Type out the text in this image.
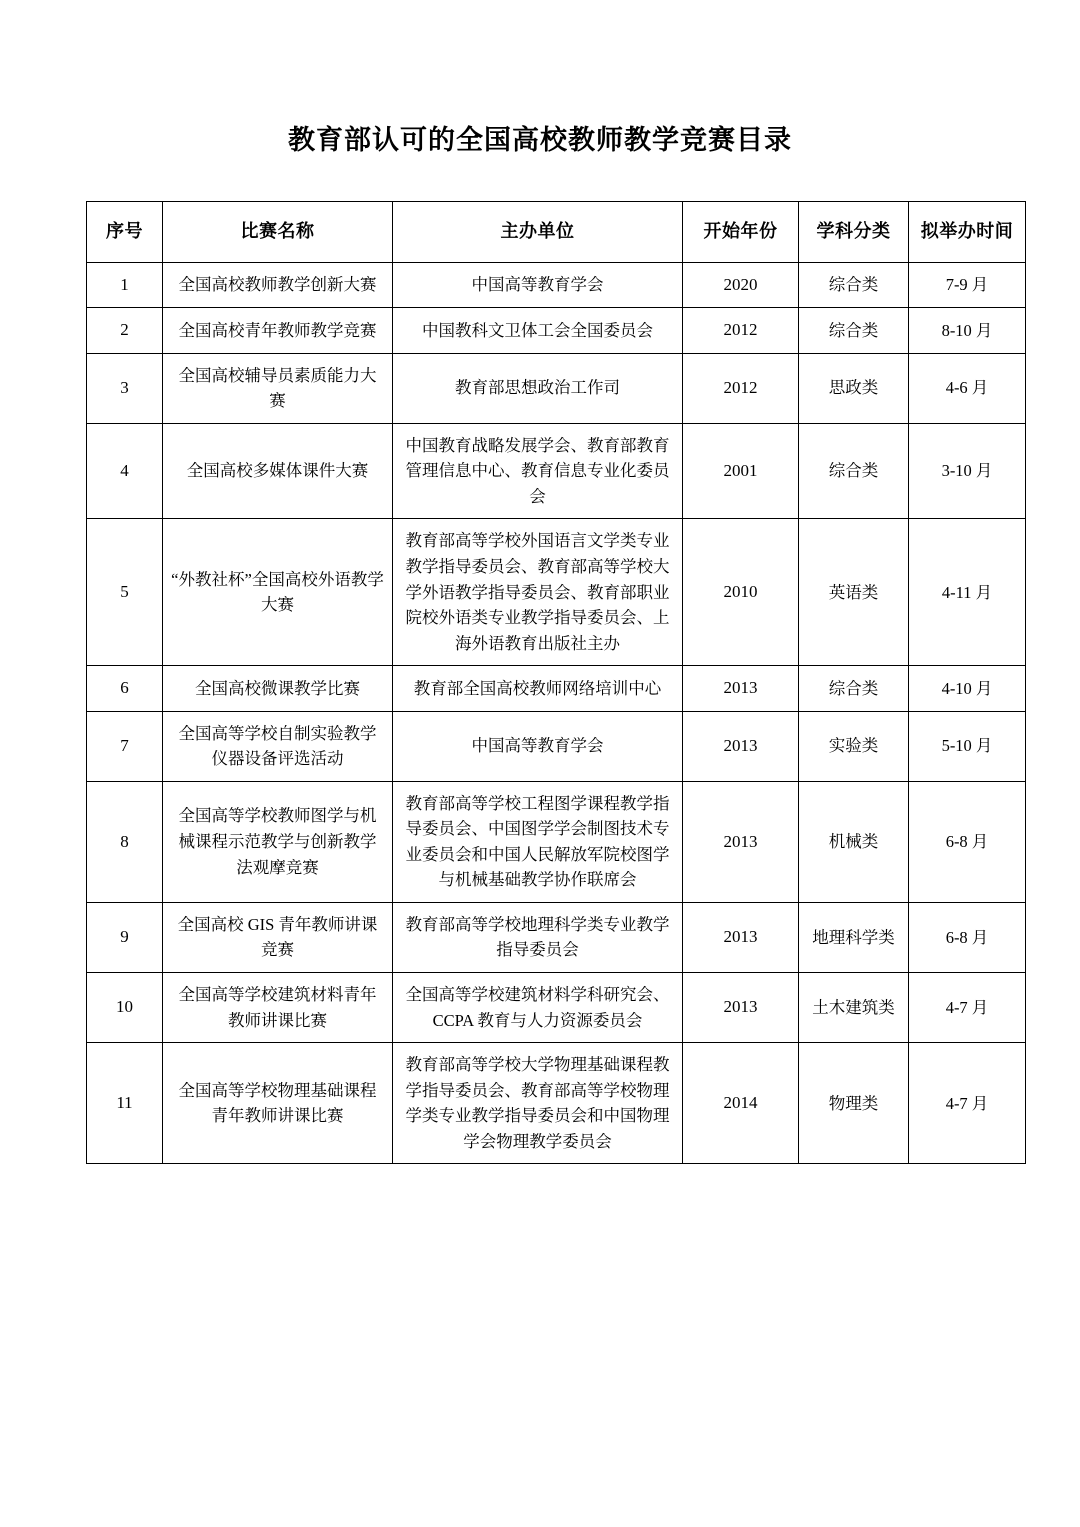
教育部认可的全国高校教师教学竞赛目录
序号	比赛名称	主办单位	开始年份	学科分类	拟举办时间
1	全国高校教师教学创新大赛	中国高等教育学会	2020	综合类	7-9 月
2	全国高校青年教师教学竞赛	中国教科文卫体工会全国委员会	2012	综合类	8-10 月
3	全国高校辅导员素质能力大赛	教育部思想政治工作司	2012	思政类	4-6 月
4	全国高校多媒体课件大赛	中国教育战略发展学会、教育部教育管理信息中心、教育信息专业化委员会	2001	综合类	3-10 月
5	“外教社杯”全国高校外语教学大赛	教育部高等学校外国语言文学类专业教学指导委员会、教育部高等学校大学外语教学指导委员会、教育部职业院校外语类专业教学指导委员会、上海外语教育出版社主办	2010	英语类	4-11 月
6	全国高校微课教学比赛	教育部全国高校教师网络培训中心	2013	综合类	4-10 月
7	全国高等学校自制实验教学仪器设备评选活动	中国高等教育学会	2013	实验类	5-10 月
8	全国高等学校教师图学与机械课程示范教学与创新教学法观摩竞赛	教育部高等学校工程图学课程教学指导委员会、中国图学学会制图技术专业委员会和中国人民解放军院校图学与机械基础教学协作联席会	2013	机械类	6-8 月
9	全国高校 GIS 青年教师讲课竞赛	教育部高等学校地理科学类专业教学指导委员会	2013	地理科学类	6-8 月
10	全国高等学校建筑材料青年教师讲课比赛	全国高等学校建筑材料学科研究会、CCPA 教育与人力资源委员会	2013	土木建筑类	4-7 月
11	全国高等学校物理基础课程青年教师讲课比赛	教育部高等学校大学物理基础课程教学指导委员会、教育部高等学校物理学类专业教学指导委员会和中国物理学会物理教学委员会	2014	物理类	4-7 月
